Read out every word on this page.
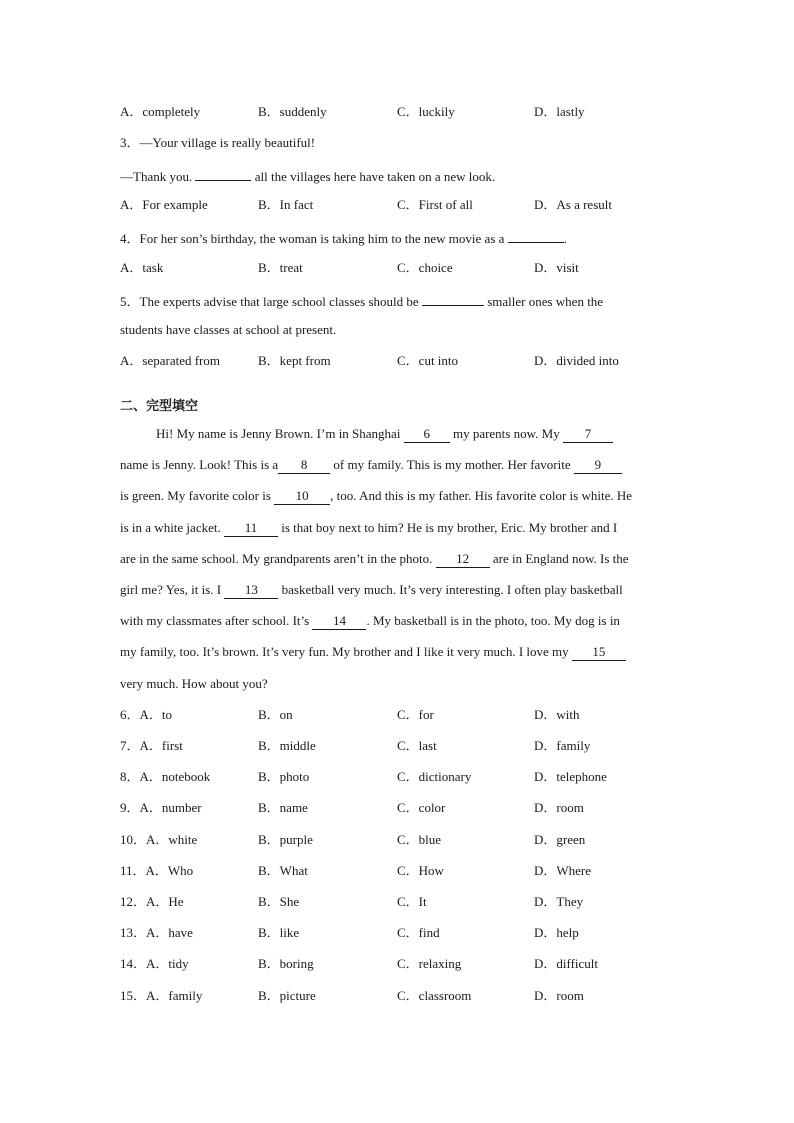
A．completely	B．suddenly	C．luckily	D．lastly
3．—Your village is really beautiful!
—Thank you.	all the villages here have taken on a new look.
A．For example	B．In fact	C．First of all	D．As a result
4．For her son’s birthday, the woman is taking him to the new movie as a	.
A．task	B．treat	C．choice	D．visit
5．The experts advise that large school classes should be	smaller ones when the
students have classes at school at present.
A．separated from	B．kept from	C．cut into	D．divided into
二、完型填空
Hi! My name is Jenny Brown. I’m in Shanghai 6 my parents now. My 7
name is Jenny. Look! This is a 8 of my family. This is my mother. Her favorite 9
is green. My favorite color is 10 , too. And this is my father. His favorite color is white. He
is in a white jacket. 11 is that boy next to him? He is my brother, Eric. My brother and I
are in the same school. My grandparents aren’t in the photo. 12 are in England now. Is the
girl me? Yes, it is. I 13 basketball very much. It’s very interesting. I often play basketball
with my classmates after school. It’s 14 . My basketball is in the photo, too. My dog is in
my family, too. It’s brown. It’s very fun. My brother and I like it very much. I love my 15
very much. How about you?
6．A．to	B．on	C．for	D．with
7．A．first	B．middle	C．last	D．family
8．A．notebook	B．photo	C．dictionary	D．telephone
9．A．number	B．name	C．color	D．room
10．A．white	B．purple	C．blue	D．green
11．A．Who	B．What	C．How	D．Where
12．A．He	B．She	C．It	D．They
13．A．have	B．like	C．find	D．help
14．A．tidy	B．boring	C．relaxing	D．difficult
15．A．family	B．picture	C．classroom	D．room
